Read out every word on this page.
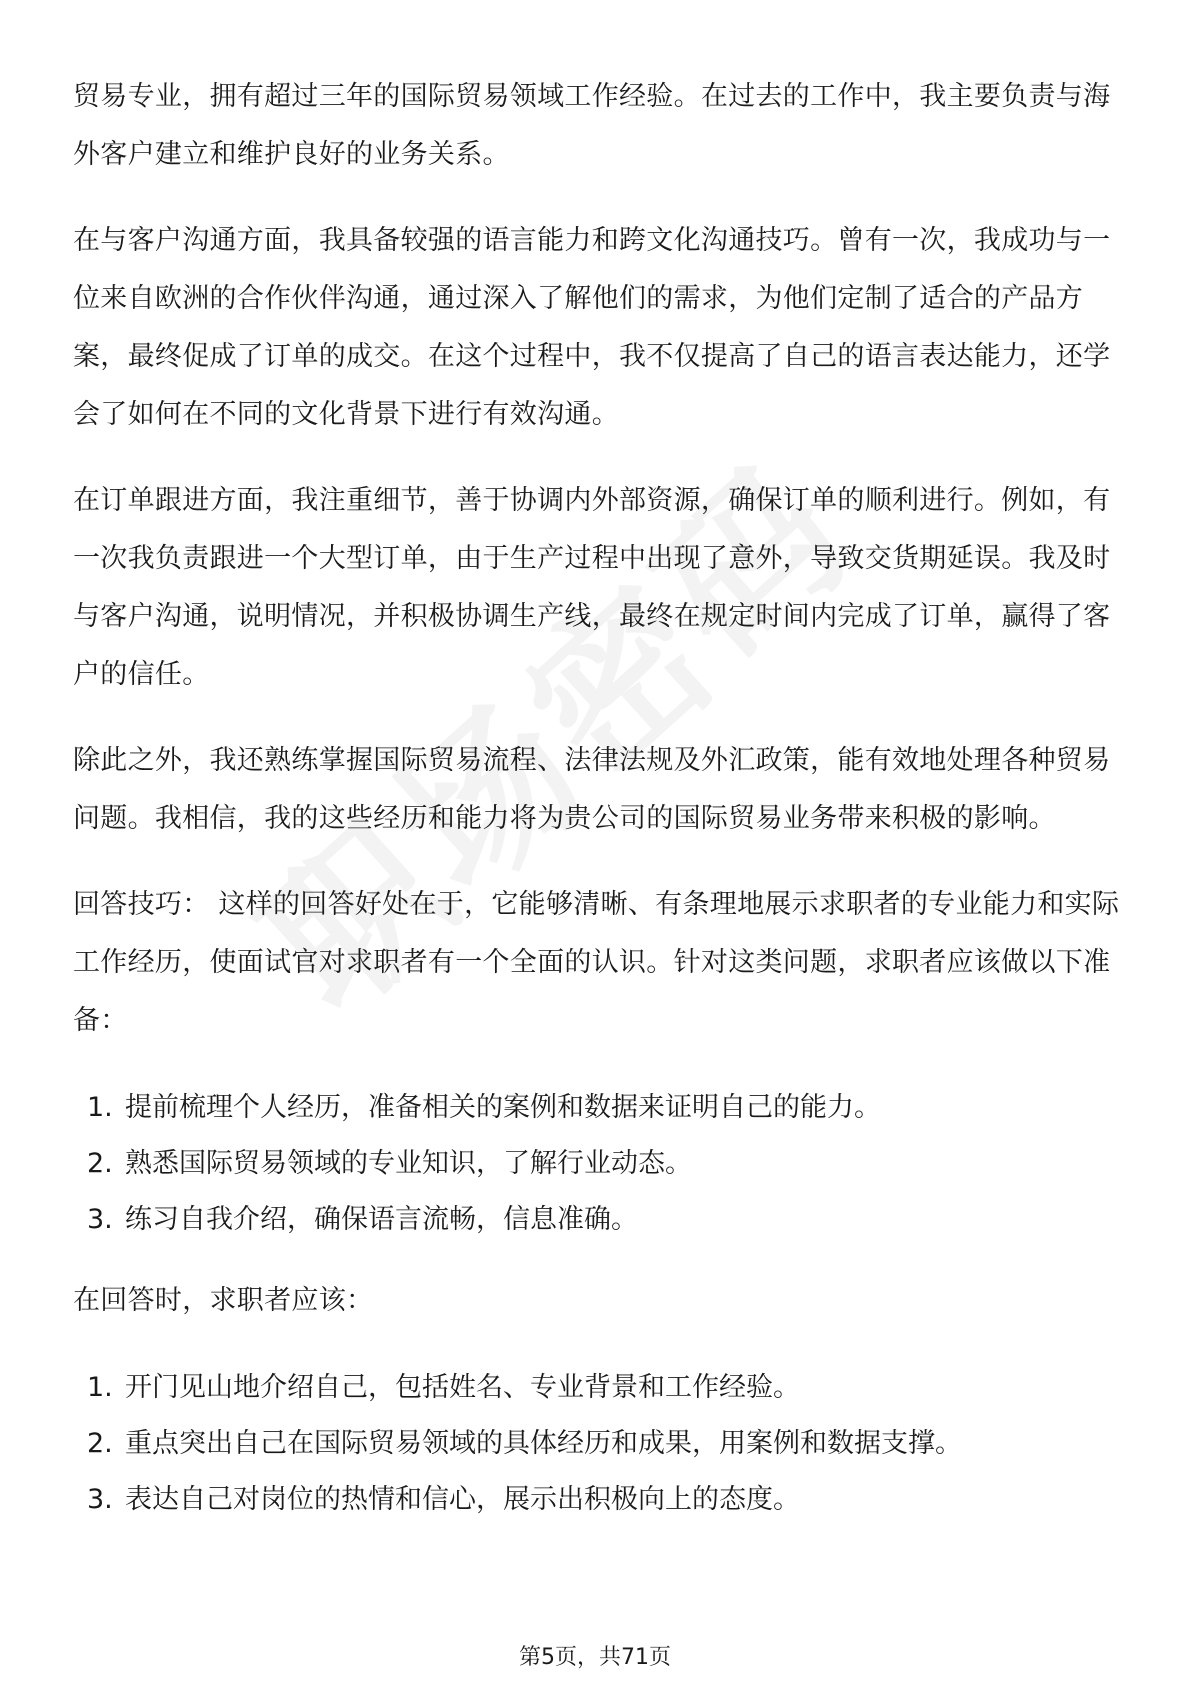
贸易专业，拥有超过三年的国际贸易领域工作经验。在过去的工作中，我主要负责与海外客户建立和维护良好的业务关系。

在与客户沟通方面，我具备较强的语言能力和跨文化沟通技巧。曾有一次，我成功与一位来自欧洲的合作伙伴沟通，通过深入了解他们的需求，为他们定制了适合的产品方案，最终促成了订单的成交。在这个过程中，我不仅提高了自己的语言表达能力，还学会了如何在不同的文化背景下进行有效沟通。

在订单跟进方面，我注重细节，善于协调内外部资源，确保订单的顺利进行。例如，有一次我负责跟进一个大型订单，由于生产过程中出现了意外，导致交货期延误。我及时与客户沟通，说明情况，并积极协调生产线，最终在规定时间内完成了订单，赢得了客户的信任。

除此之外，我还熟练掌握国际贸易流程、法律法规及外汇政策，能有效地处理各种贸易问题。我相信，我的这些经历和能力将为贵公司的国际贸易业务带来积极的影响。

回答技巧： 这样的回答好处在于，它能够清晰、有条理地展示求职者的专业能力和实际工作经历，使面试官对求职者有一个全面的认识。针对这类问题，求职者应该做以下准备：

1. 提前梳理个人经历，准备相关的案例和数据来证明自己的能力。
2. 熟悉国际贸易领域的专业知识，了解行业动态。
3. 练习自我介绍，确保语言流畅，信息准确。

在回答时，求职者应该：

1. 开门见山地介绍自己，包括姓名、专业背景和工作经验。
2. 重点突出自己在国际贸易领域的具体经历和成果，用案例和数据支撑。
3. 表达自己对岗位的热情和信心，展示出积极向上的态度。
第5页，共71页
